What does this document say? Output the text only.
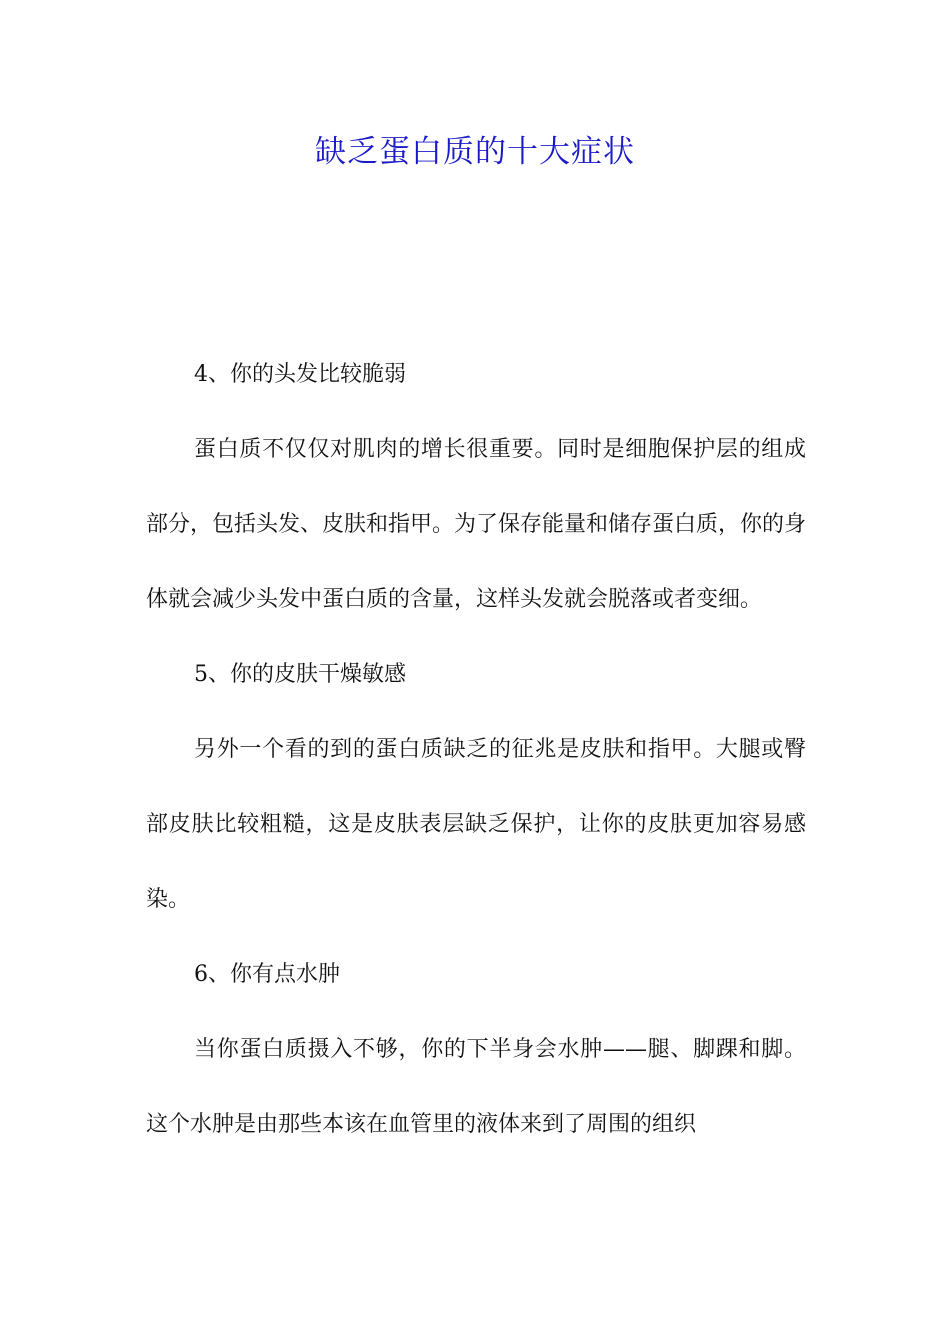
缺乏蛋白质的十大症状

4、你的头发比较脆弱

蛋白质不仅仅对肌肉的增长很重要。同时是细胞保护层的组成部分，包括头发、皮肤和指甲。为了保存能量和储存蛋白质，你的身体就会减少头发中蛋白质的含量，这样头发就会脱落或者变细。

5、你的皮肤干燥敏感

另外一个看的到的蛋白质缺乏的征兆是皮肤和指甲。大腿或臀部皮肤比较粗糙，这是皮肤表层缺乏保护，让你的皮肤更加容易感染。

6、你有点水肿

当你蛋白质摄入不够，你的下半身会水肿——腿、脚踝和脚。这个水肿是由那些本该在血管里的液体来到了周围的组织
